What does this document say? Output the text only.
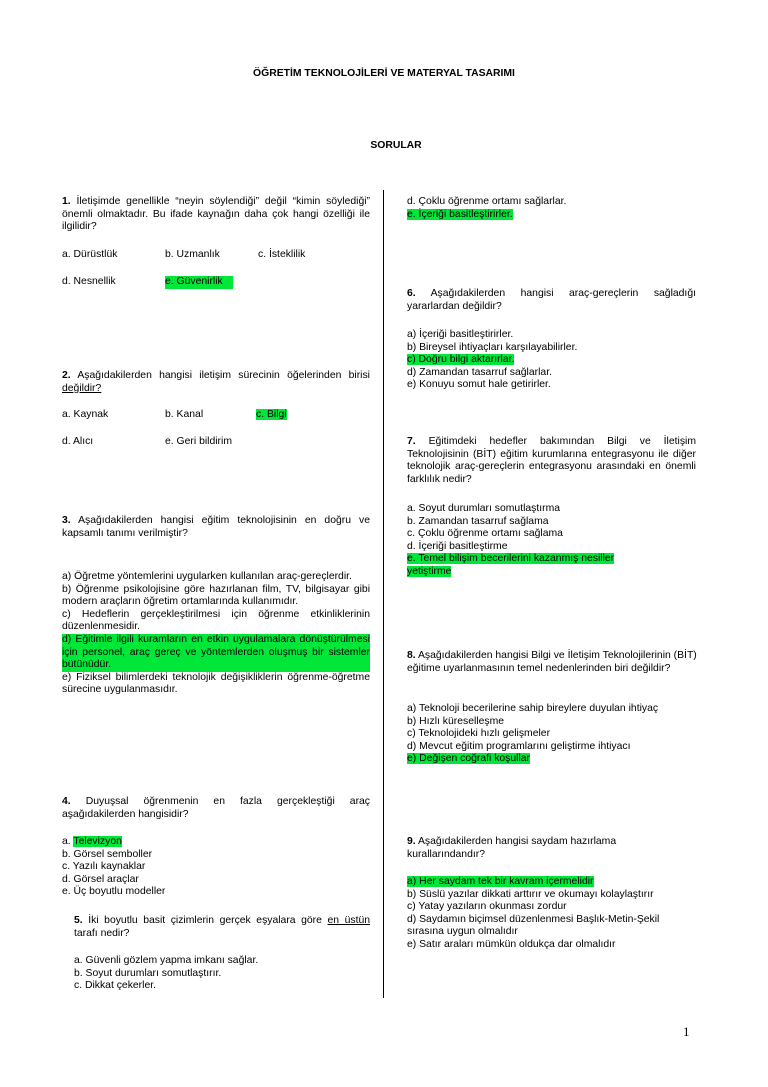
ÖĞRETİM TEKNOLOJİLERİ VE MATERYAL TASARIMI
SORULAR
1. İletişimde genellikle “neyin söylendiği” değil “kimin söylediği” önemli olmaktadır. Bu ifade kaynağın daha çok hangi özelliği ile ilgilidir?
a. Dürüstlük	b. Uzmanlık	c. İsteklilik
d. Nesnellik	e. Güvenirlik
2. Aşağıdakilerden hangisi iletişim sürecinin öğelerinden birisi değildir?
a. Kaynak	b. Kanal	c. Bilgi
d. Alıcı	e. Geri bildirim
3. Aşağıdakilerden hangisi eğitim teknolojisinin en doğru ve kapsamlı tanımı verilmiştir?
a) Öğretme yöntemlerini uygularken kullanılan araç-gereçlerdir.
b) Öğrenme psikolojisine göre hazırlanan film, TV, bilgisayar gibi modern araçların öğretim ortamlarında kullanımıdır.
c) Hedeflerin gerçekleştirilmesi için öğrenme etkinliklerinin düzenlenmesidir.
d) Eğitimle ilgili kuramların en etkin uygulamalara dönüştürülmesi için personel, araç gereç ve yöntemlerden oluşmuş bir sistemler bütünüdür.
e) Fiziksel bilimlerdeki teknolojik değişikliklerin öğrenme-öğretme sürecine uygulanmasıdır.
4. Duyuşsal öğrenmenin en fazla gerçekleştiği araç aşağıdakilerden hangisidir?
a. Televizyon
b. Görsel semboller
c. Yazılı kaynaklar
d. Görsel araçlar
e. Üç boyutlu modeller
5. İki boyutlu basit çizimlerin gerçek eşyalara göre en üstün tarafı nedir?
a. Güvenli gözlem yapma imkanı sağlar.
b. Soyut durumları somutlaştırır.
c. Dikkat çekerler.
d. Çoklu öğrenme ortamı sağlarlar.
e. İçeriği basitleştirirler.
6. Aşağıdakilerden hangisi araç-gereçlerin sağladığı yararlardan değildir?
a) İçeriği basitleştirirler.
b) Bireysel ihtiyaçları karşılayabilirler.
c) Doğru bilgi aktarırlar.
d) Zamandan tasarruf sağlarlar.
e) Konuyu somut hale getirirler.
7. Eğitimdeki hedefler bakımından Bilgi ve İletişim Teknolojisinin (BİT) eğitim kurumlarına entegrasyonu ile diğer teknolojik araç-gereçlerin entegrasyonu arasındaki en önemli farklılık nedir?
a. Soyut durumları somutlaştırma
b. Zamandan tasarruf sağlama
c. Çoklu öğrenme ortamı sağlama
d. İçeriği basitleştirme
e. Temel bilişim becerilerini kazanmış nesiller yetiştirme
8. Aşağıdakilerden hangisi Bilgi ve İletişim Teknolojilerinin (BİT) eğitime uyarlanmasının temel nedenlerinden biri değildir?
a) Teknoloji becerilerine sahip bireylere duyulan ihtiyaç
b) Hızlı küreselleşme
c) Teknolojideki hızlı gelişmeler
d) Mevcut eğitim programlarını geliştirme ihtiyacı
e) Değişen coğrafi koşullar
9. Aşağıdakilerden hangisi saydam hazırlama kurallarındandır?
a) Her saydam tek bir kavram içermelidir
b) Süslü yazılar dikkati arttırır ve okumayı kolaylaştırır
c) Yatay yazıların okunması zordur
d) Saydamın biçimsel düzenlenmesi Başlık-Metin-Şekil sırasına uygun olmalıdır
e) Satır araları mümkün oldukça dar olmalıdır
1
